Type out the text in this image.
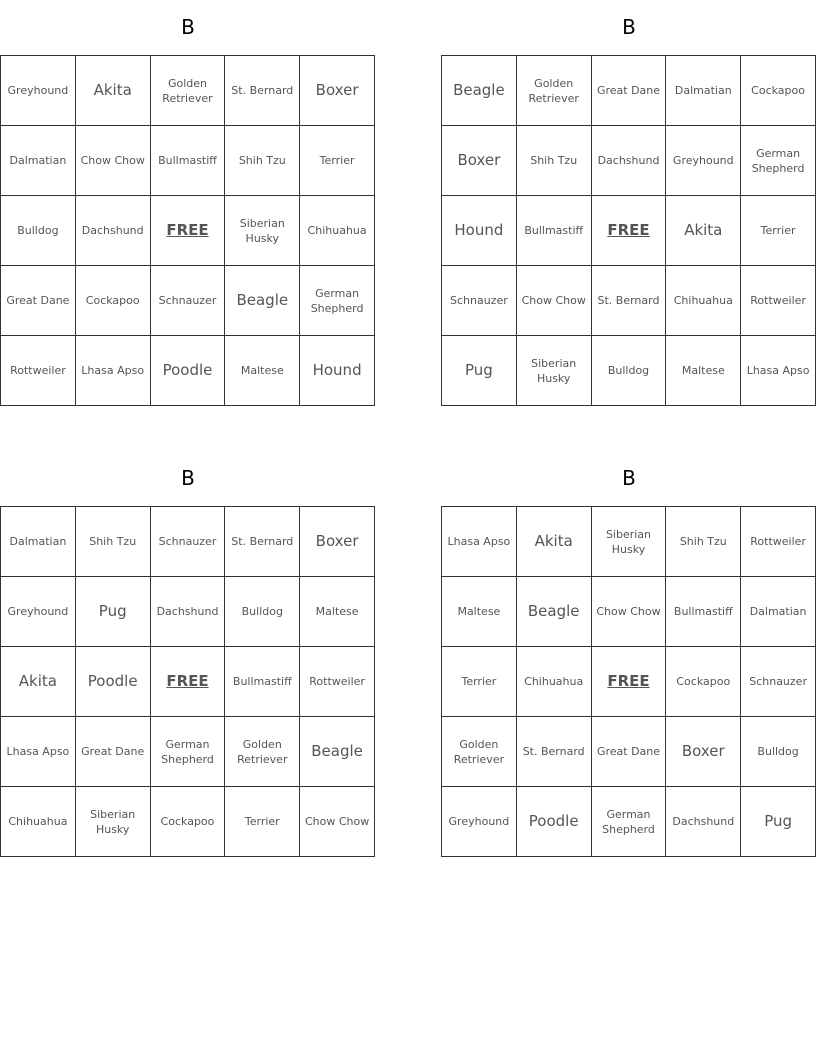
B
Greyhound	Akita	Golden Retriever	St. Bernard	Boxer
Dalmatian	Chow Chow	Bullmastiff	Shih Tzu	Terrier
Bulldog	Dachshund	FREE	Siberian Husky	Chihuahua
Great Dane	Cockapoo	Schnauzer	Beagle	German Shepherd
Rottweiler	Lhasa Apso	Poodle	Maltese	Hound
B
Beagle	Golden Retriever	Great Dane	Dalmatian	Cockapoo
Boxer	Shih Tzu	Dachshund	Greyhound	German Shepherd
Hound	Bullmastiff	FREE	Akita	Terrier
Schnauzer	Chow Chow	St. Bernard	Chihuahua	Rottweiler
Pug	Siberian Husky	Bulldog	Maltese	Lhasa Apso
B
Dalmatian	Shih Tzu	Schnauzer	St. Bernard	Boxer
Greyhound	Pug	Dachshund	Bulldog	Maltese
Akita	Poodle	FREE	Bullmastiff	Rottweiler
Lhasa Apso	Great Dane	German Shepherd	Golden Retriever	Beagle
Chihuahua	Siberian Husky	Cockapoo	Terrier	Chow Chow
B
Lhasa Apso	Akita	Siberian Husky	Shih Tzu	Rottweiler
Maltese	Beagle	Chow Chow	Bullmastiff	Dalmatian
Terrier	Chihuahua	FREE	Cockapoo	Schnauzer
Golden Retriever	St. Bernard	Great Dane	Boxer	Bulldog
Greyhound	Poodle	German Shepherd	Dachshund	Pug
